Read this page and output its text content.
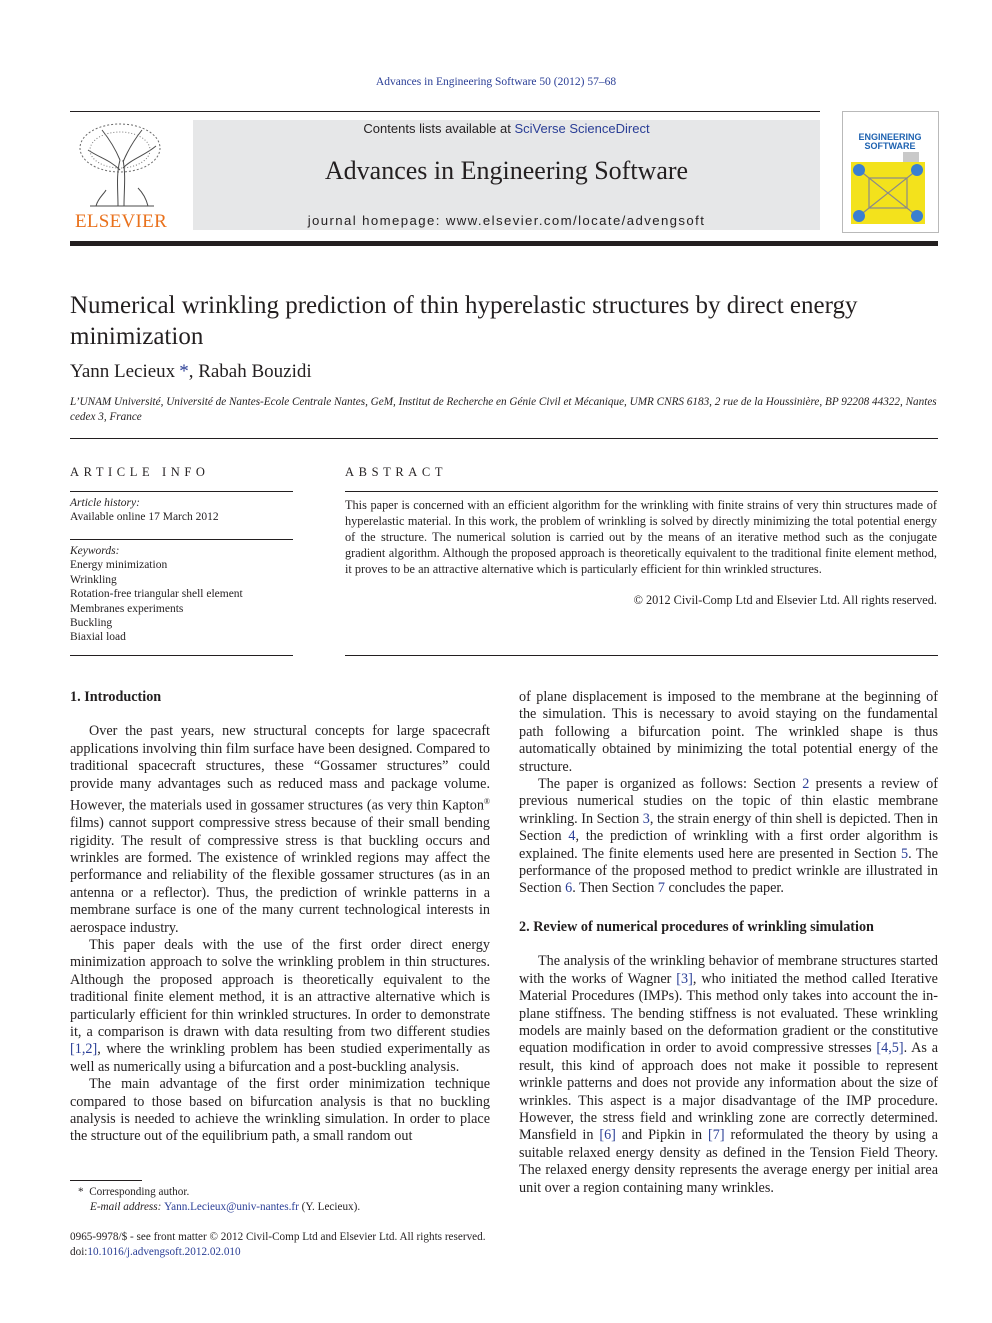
Advances in Engineering Software 50 (2012) 57–68
ELSEVIER
Contents lists available at SciVerse ScienceDirect
Advances in Engineering Software
journal homepage: www.elsevier.com/locate/advengsoft
ENGINEERING
SOFTWARE
Numerical wrinkling prediction of thin hyperelastic structures by direct energy minimization
Yann Lecieux *, Rabah Bouzidi
L’UNAM Université, Université de Nantes-Ecole Centrale Nantes, GeM, Institut de Recherche en Génie Civil et Mécanique, UMR CNRS 6183, 2 rue de la Houssinière, BP 92208 44322, Nantes cedex 3, France
ARTICLE INFO
Article history:
Available online 17 March 2012
Keywords:
Energy minimization
Wrinkling
Rotation-free triangular shell element
Membranes experiments
Buckling
Biaxial load
ABSTRACT
This paper is concerned with an efficient algorithm for the wrinkling with finite strains of very thin structures made of hyperelastic material. In this work, the problem of wrinkling is solved by directly minimizing the total potential energy of the structure. The numerical solution is carried out by the means of an iterative method such as the conjugate gradient algorithm. Although the proposed approach is theoretically equivalent to the traditional finite element method, it proves to be an attractive alternative which is particularly efficient for thin wrinkled structures.
© 2012 Civil-Comp Ltd and Elsevier Ltd. All rights reserved.
1. Introduction

Over the past years, new structural concepts for large spacecraft applications involving thin film surface have been designed. Compared to traditional spacecraft structures, these “Gossamer structures” could provide many advantages such as reduced mass and package volume. However, the materials used in gossamer structures (as very thin Kapton® films) cannot support compressive stress because of their small bending rigidity. The result of compressive stress is that buckling occurs and wrinkles are formed. The existence of wrinkled regions may affect the performance and reliability of the flexible gossamer structures (as in an antenna or a reflector). Thus, the prediction of wrinkle patterns in a membrane surface is one of the many current technological interests in aerospace industry.

This paper deals with the use of the first order direct energy minimization approach to solve the wrinkling problem in thin structures. Although the proposed approach is theoretically equivalent to the traditional finite element method, it is an attractive alternative which is particularly efficient for thin wrinkled structures. In order to demonstrate it, a comparison is drawn with data resulting from two different studies [1,2], where the wrinkling problem has been studied experimentally as well as numerically using a bifurcation and a post-buckling analysis.

The main advantage of the first order minimization technique compared to those based on bifurcation analysis is that no buckling analysis is needed to achieve the wrinkling simulation. In order to place the structure out of the equilibrium path, a small random out

of plane displacement is imposed to the membrane at the beginning of the simulation. This is necessary to avoid staying on the fundamental path following a bifurcation point. The wrinkled shape is thus automatically obtained by minimizing the total potential energy of the structure.

The paper is organized as follows: Section 2 presents a review of previous numerical studies on the topic of thin elastic membrane wrinkling. In Section 3, the strain energy of thin shell is depicted. Then in Section 4, the prediction of wrinkling with a first order algorithm is explained. The finite elements used here are presented in Section 5. The performance of the proposed method to predict wrinkle are illustrated in Section 6. Then Section 7 concludes the paper.

2. Review of numerical procedures of wrinkling simulation

The analysis of the wrinkling behavior of membrane structures started with the works of Wagner [3], who initiated the method called Iterative Material Procedures (IMPs). This method only takes into account the in-plane stiffness. The bending stiffness is not evaluated. These wrinkling models are mainly based on the deformation gradient or the constitutive equation modification in order to avoid compressive stresses [4,5]. As a result, this kind of approach does not make it possible to represent wrinkle patterns and does not provide any information about the size of wrinkles. This aspect is a major disadvantage of the IMP procedure. However, the stress field and wrinkling zone are correctly determined. Mansfield in [6] and Pipkin in [7] reformulated the theory by using a suitable relaxed energy density as defined in the Tension Field Theory. The relaxed energy density represents the average energy per initial area unit over a region containing many wrinkles.

* Corresponding author.
E-mail address: Yann.Lecieux@univ-nantes.fr (Y. Lecieux).
0965-9978/$ - see front matter © 2012 Civil-Comp Ltd and Elsevier Ltd. All rights reserved.
doi:10.1016/j.advengsoft.2012.02.010
